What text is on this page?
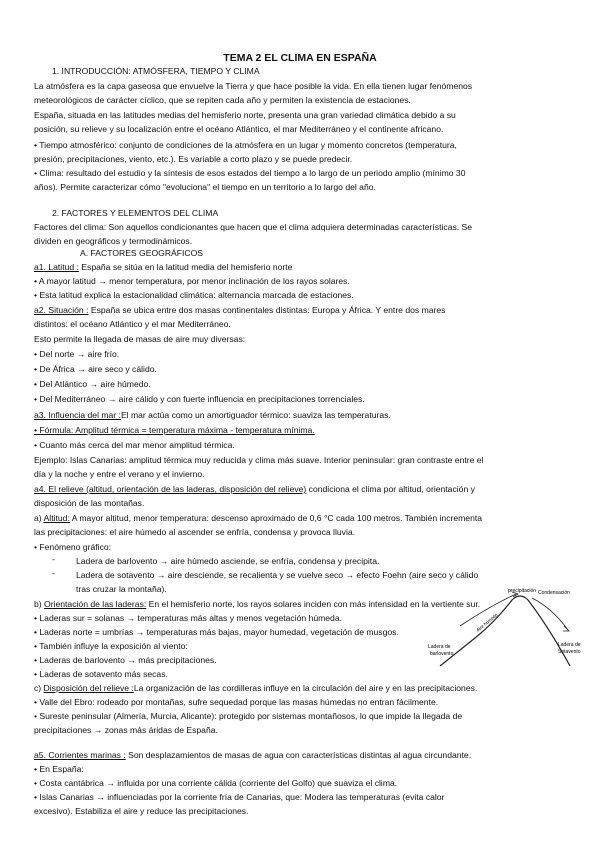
TEMA 2 EL CLIMA EN ESPAÑA
1. INTRODUCCIÓN: ATMÓSFERA, TIEMPO Y CLIMA
La atmósfera es la capa gaseosa que envuelve la Tierra y que hace posible la vida. En ella tienen lugar fenómenos
meteorológicos de carácter cíclico, que se repiten cada año y permiten la existencia de estaciones.
España, situada en las latitudes medias del hemisferio norte, presenta una gran variedad climática debido a su
posición, su relieve y su localización entre el océano Atlántico, el mar Mediterráneo y el continente africano.
• Tiempo atmosférico: conjunto de condiciones de la atmósfera en un lugar y momento concretos (temperatura,
presión, precipitaciones, viento, etc.). Es variable a corto plazo y se puede predecir.
• Clima: resultado del estudio y la síntesis de esos estados del tiempo a lo largo de un periodo amplio (mínimo 30
años). Permite caracterizar cómo "evoluciona" el tiempo en un territorio a lo largo del año.
2. FACTORES Y ELEMENTOS DEL CLIMA
Factores del clima: Son aquellos condicionantes que hacen que el clima adquiera determinadas características. Se
dividen en geográficos y termodinámicos.
A. FACTORES GEOGRÁFICOS
a1. Latitud : España se sitúa en la latitud media del hemisferio norte
• A mayor latitud → menor temperatura, por menor inclinación de los rayos solares.
• Esta latitud explica la estacionalidad climática: alternancia marcada de estaciones.
a2. Situación : España se ubica entre dos masas continentales distintas: Europa y África. Y entre dos mares
distintos: el océano Atlántico y el mar Mediterráneo.
Esto permite la llegada de masas de aire muy diversas:
• Del norte → aire frío.
• De África → aire seco y cálido.
• Del Atlántico → aire húmedo.
• Del Mediterráneo → aire cálido y con fuerte influencia en precipitaciones torrenciales.
a3. Influencia del mar :El mar actúa como un amortiguador térmico: suaviza las temperaturas.
• Fórmula: Amplitud térmica = temperatura máxima - temperatura mínima.
• Cuanto más cerca del mar menor amplitud térmica.
Ejemplo: Islas Canarias: amplitud térmica muy reducida y clima más suave. Interior peninsular: gran contraste entre el
día y la noche y entre el verano y el invierno.
a4. El relieve (altitud, orientación de las laderas, disposición del relieve) condiciona el clima por altitud, orientación y
disposición de las montañas.
a) Altitud: A mayor altitud, menor temperatura: descenso aproximado de 0,6 °C cada 100 metros. También incrementa
las precipitaciones: el aire húmedo al ascender se enfría, condensa y provoca lluvia.
• Fenómeno gráfico:
- Ladera de barlovento → aire húmedo asciende, se enfría, condensa y precipita.
- Ladera de sotavento → aire desciende, se recalienta y se vuelve seco → efecto Foehn (aire seco y cálido
tras cruzar la montaña).
b) Orientación de las laderas: En el hemisferio norte, los rayos solares inciden con más intensidad en la vertiente sur.
• Laderas sur = solanas → temperaturas más altas y menos vegetación húmeda.
• Laderas norte = umbrías → temperaturas más bajas, mayor humedad, vegetación de musgos.
• También influye la exposición al viento:
• Laderas de barlovento → más precipitaciones.
• Laderas de sotavento más secas.
c) Disposición del relieve :La organización de las cordilleras influye en la circulación del aire y en las precipitaciones.
• Valle del Ebro: rodeado por montañas, sufre sequedad porque las masas húmedas no entran fácilmente.
• Sureste peninsular (Almería, Murcia, Alicante): protegido por sistemas montañosos, lo que impide la llegada de
precipitaciones → zonas más áridas de España.
a5. Corrientes marinas : Son desplazamientos de masas de agua con características distintas al agua circundante.
• En España:
• Costa cantábrica → influida por una corriente cálida (corriente del Golfo) que suaviza el clima.
• Islas Canarias → influenciadas por la corriente fría de Canarias, que: Modera las temperaturas (evita calor
excesivo). Estabiliza el aire y reduce las precipitaciones.
precipitación Condensación
Aire húmedo
Ladera de
barlovento
Ladera de
Sotavento
